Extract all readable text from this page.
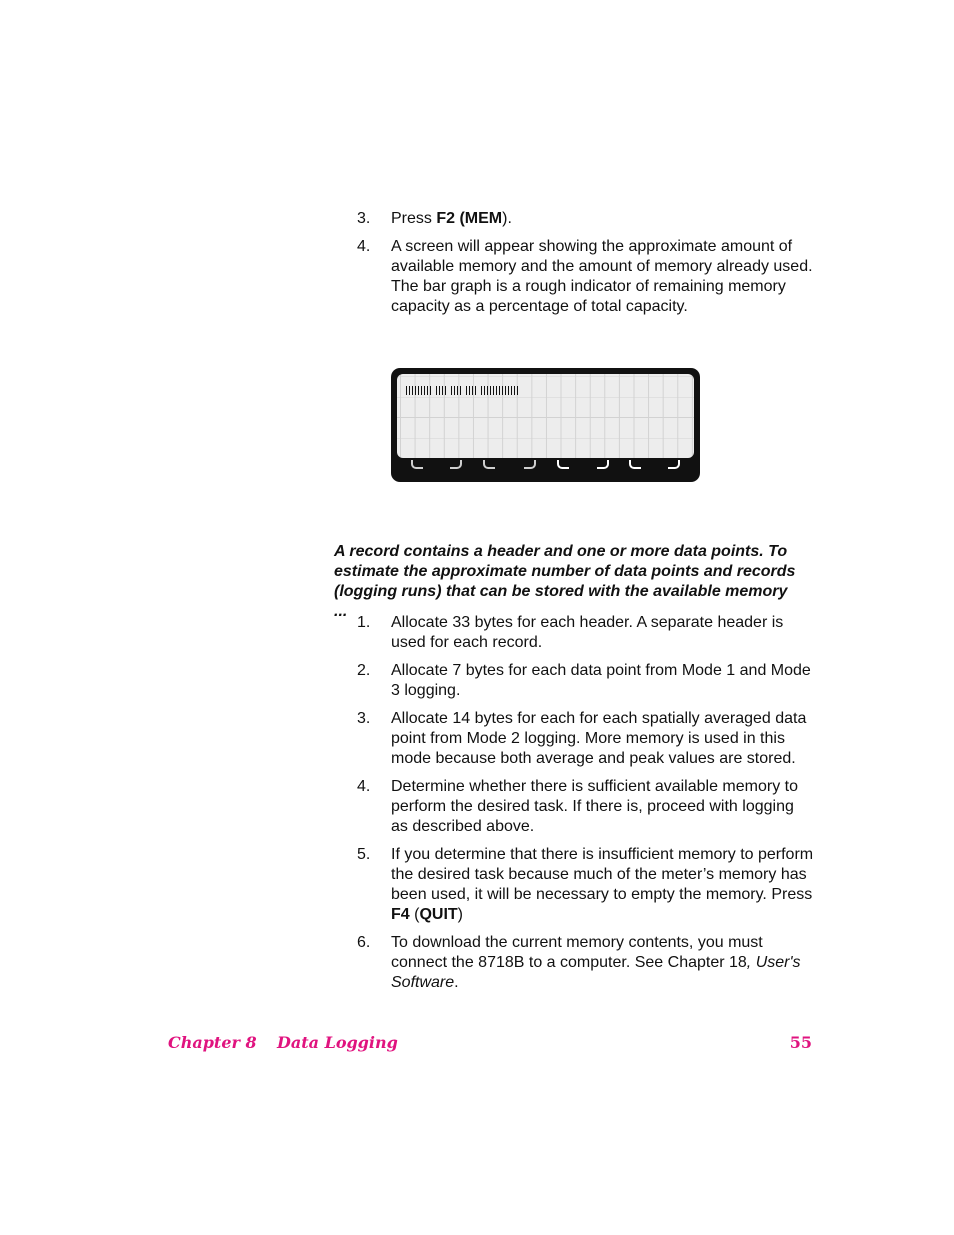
3. Press F2 (MEM).
4. A screen will appear showing the approximate amount of available memory and the amount of memory already used. The bar graph is a rough indicator of remaining memory capacity as a percentage of total capacity.

A record contains a header and one or more data points. To estimate the approximate number of data points and records (logging runs) that can be stored with the available memory ...

1. Allocate 33 bytes for each header. A separate header is used for each record.
2. Allocate 7 bytes for each data point from Mode 1 and Mode 3 logging.
3. Allocate 14 bytes for each for each spatially averaged data point from Mode 2 logging. More memory is used in this mode because both average and peak values are stored.
4. Determine whether there is sufficient available memory to perform the desired task. If there is, proceed with logging as described above.
5. If you determine that there is insufficient memory to perform the desired task because much of the meter’s memory has been used, it will be necessary to empty the memory. Press F4 (QUIT)
6. To download the current memory contents, you must connect the 8718B to a computer. See Chapter 18, User's Software.
Chapter 8 Data Logging	55
